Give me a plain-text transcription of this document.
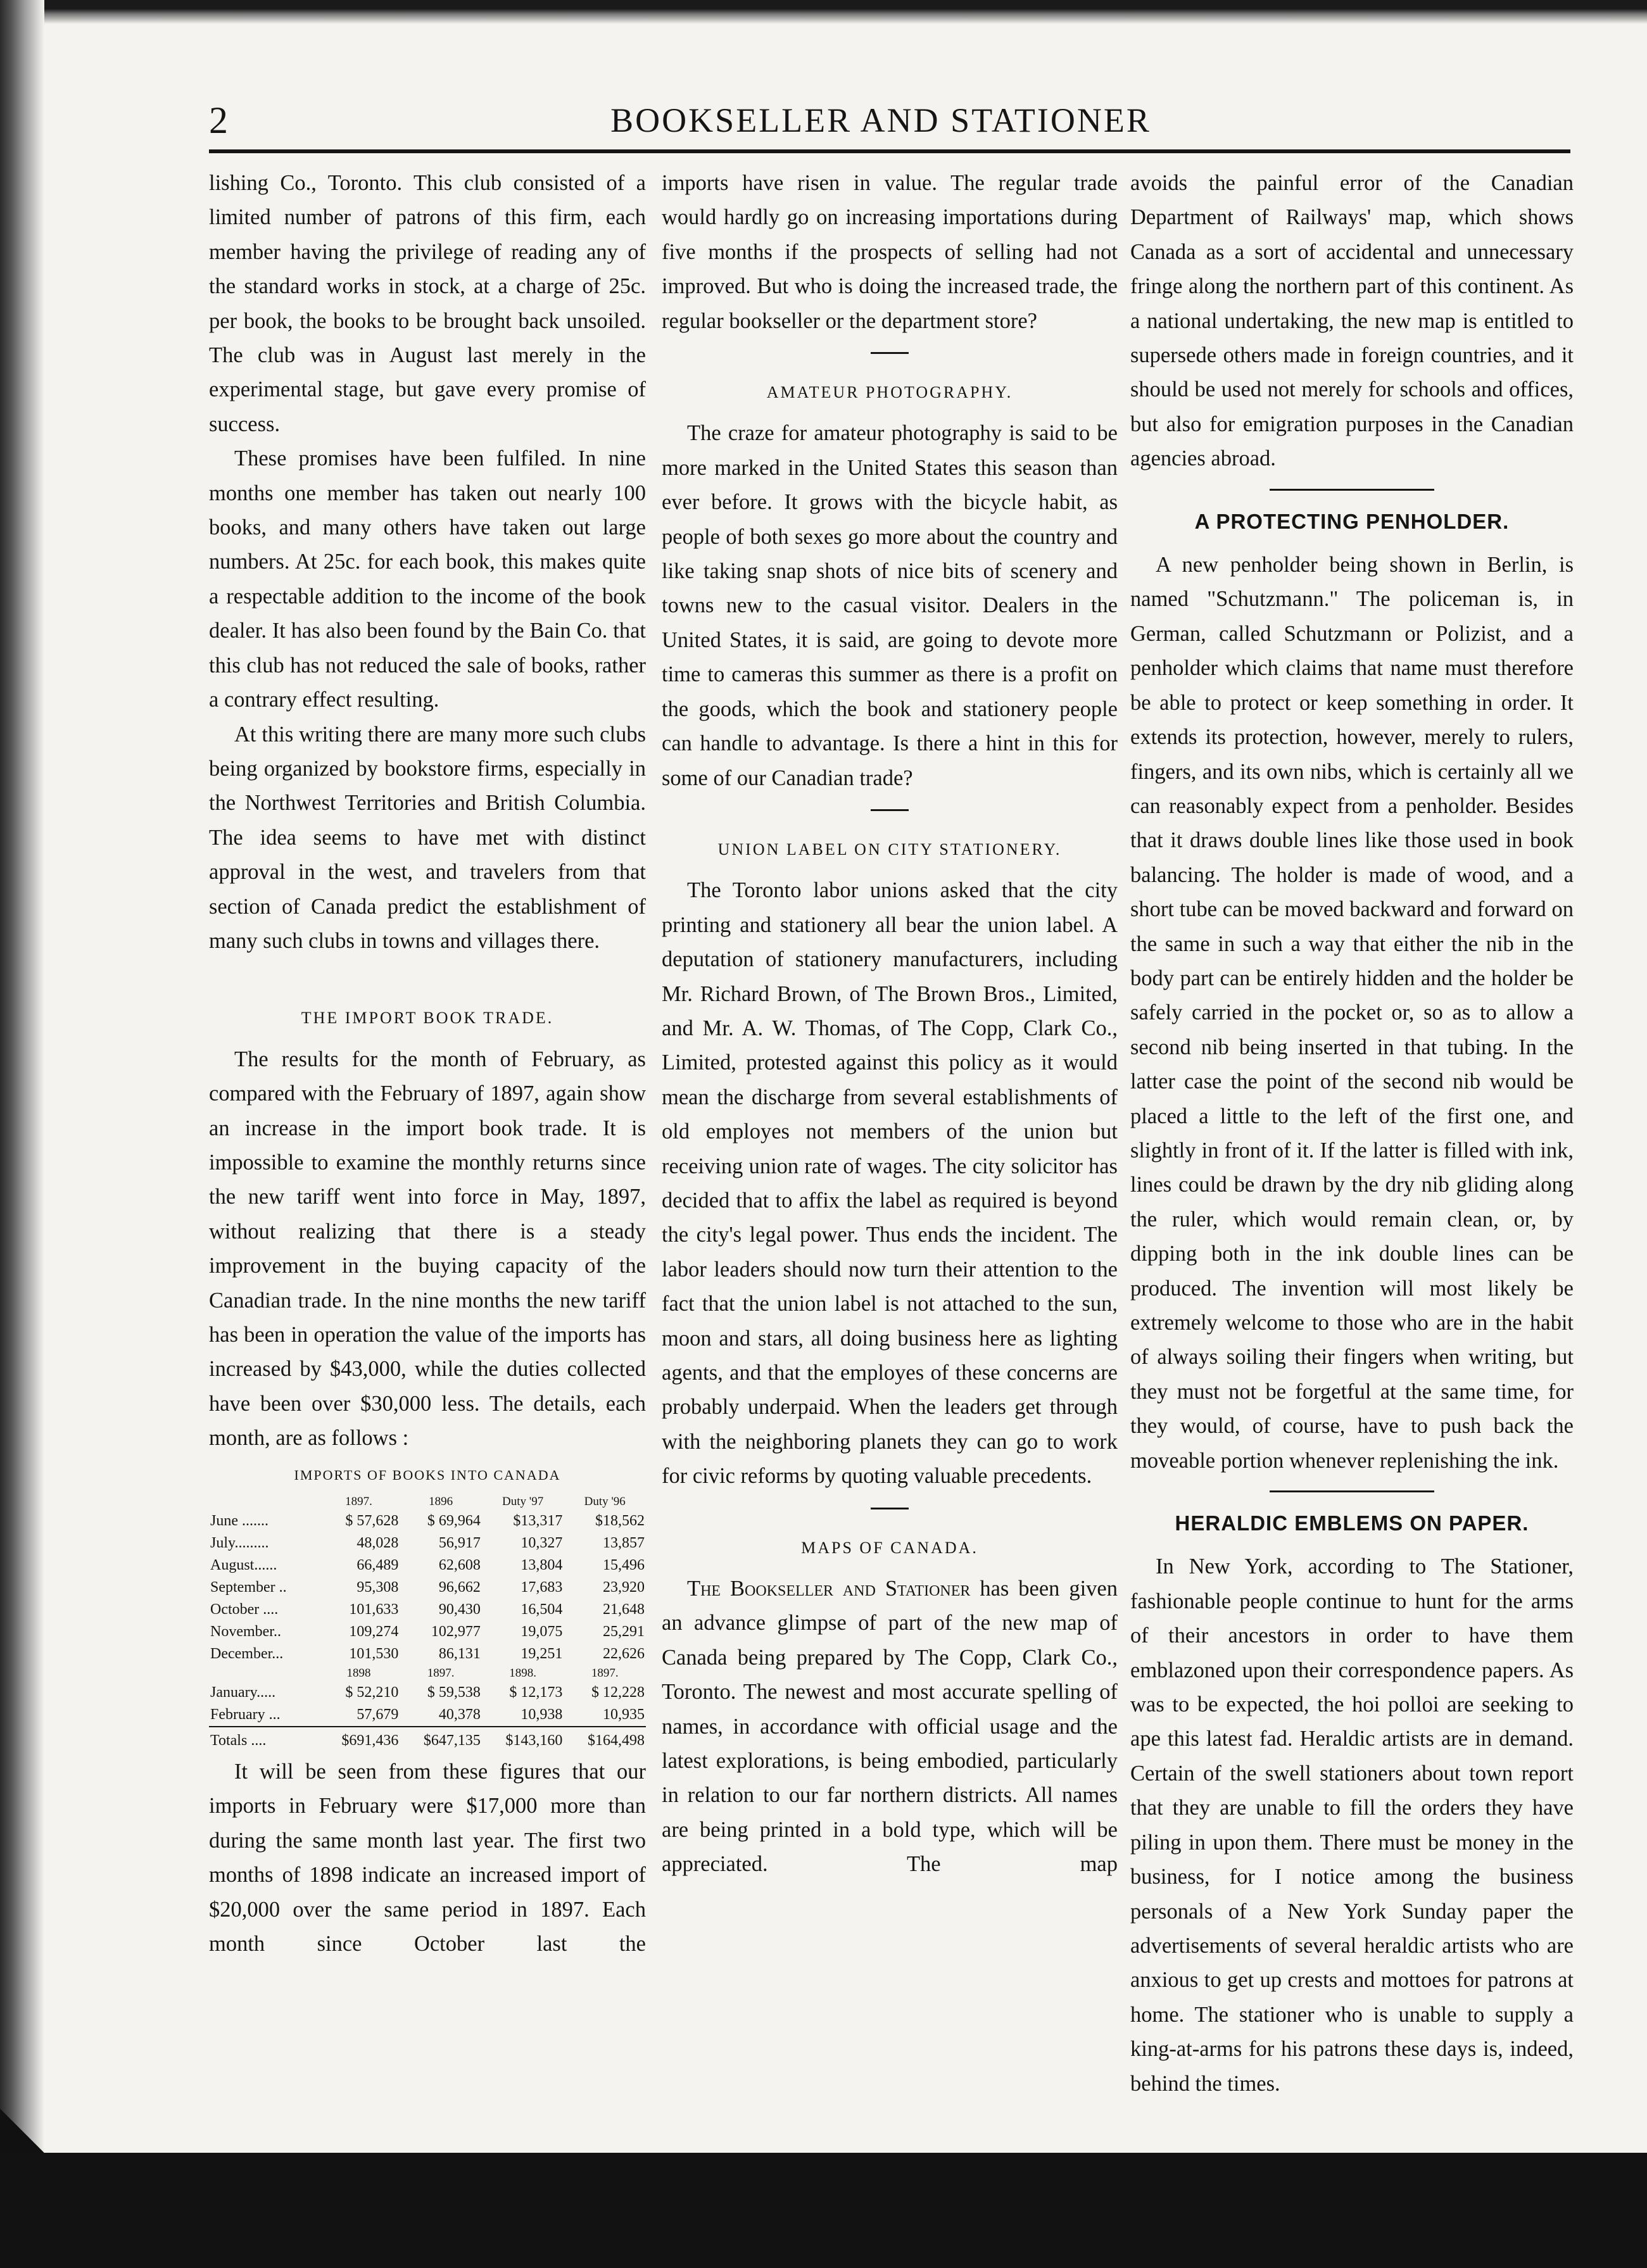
2	BOOKSELLER AND STATIONER

lishing Co., Toronto. This club consisted of a limited number of patrons of this firm, each member having the privilege of reading any of the standard works in stock, at a charge of 25c. per book, the books to be brought back unsoiled. The club was in August last merely in the experimental stage, but gave every promise of success.

These promises have been fulfiled. In nine months one member has taken out nearly 100 books, and many others have taken out large numbers. At 25c. for each book, this makes quite a respectable addition to the income of the book dealer. It has also been found by the Bain Co. that this club has not reduced the sale of books, rather a contrary effect resulting.

At this writing there are many more such clubs being organized by bookstore firms, especially in the Northwest Territories and British Columbia. The idea seems to have met with distinct approval in the west, and travelers from that section of Canada predict the establishment of many such clubs in towns and villages there.

THE IMPORT BOOK TRADE.

The results for the month of February, as compared with the February of 1897, again show an increase in the import book trade. It is impossible to examine the monthly returns since the new tariff went into force in May, 1897, without realizing that there is a steady improvement in the buying capacity of the Canadian trade. In the nine months the new tariff has been in operation the value of the imports has increased by $43,000, while the duties collected have been over $30,000 less. The details, each month, are as follows :

IMPORTS OF BOOKS INTO CANADA
	1897.	1896	Duty '97	Duty '96
June .......	$ 57,628	$ 69,964	$13,317	$18,562
July.........	48,028	56,917	10,327	13,857
August......	66,489	62,608	13,804	15,496
September ..	95,308	96,662	17,683	23,920
October ....	101,633	90,430	16,504	21,648
November..	109,274	102,977	19,075	25,291
December...	101,530	86,131	19,251	22,626
	1898	1897.	1898.	1897.
January.....	$ 52,210	$ 59,538	$ 12,173	$ 12,228
February ...	57,679	40,378	10,938	10,935
Totals ....	$691,436	$647,135	$143,160	$164,498

It will be seen from these figures that our imports in February were $17,000 more than during the same month last year. The first two months of 1898 indicate an increased import of $20,000 over the same period in 1897. Each month since October last the

imports have risen in value. The regular trade would hardly go on increasing importations during five months if the prospects of selling had not improved. But who is doing the increased trade, the regular bookseller or the department store?

AMATEUR PHOTOGRAPHY.

The craze for amateur photography is said to be more marked in the United States this season than ever before. It grows with the bicycle habit, as people of both sexes go more about the country and like taking snap shots of nice bits of scenery and towns new to the casual visitor. Dealers in the United States, it is said, are going to devote more time to cameras this summer as there is a profit on the goods, which the book and stationery people can handle to advantage. Is there a hint in this for some of our Canadian trade?

UNION LABEL ON CITY STATIONERY.

The Toronto labor unions asked that the city printing and stationery all bear the union label. A deputation of stationery manufacturers, including Mr. Richard Brown, of The Brown Bros., Limited, and Mr. A. W. Thomas, of The Copp, Clark Co., Limited, protested against this policy as it would mean the discharge from several establishments of old employes not members of the union but receiving union rate of wages. The city solicitor has decided that to affix the label as required is beyond the city's legal power. Thus ends the incident. The labor leaders should now turn their attention to the fact that the union label is not attached to the sun, moon and stars, all doing business here as lighting agents, and that the employes of these concerns are probably underpaid. When the leaders get through with the neighboring planets they can go to work for civic reforms by quoting valuable precedents.

MAPS OF CANADA.

The Bookseller and Stationer has been given an advance glimpse of part of the new map of Canada being prepared by The Copp, Clark Co., Toronto. The newest and most accurate spelling of names, in accordance with official usage and the latest explorations, is being embodied, particularly in relation to our far northern districts. All names are being printed in a bold type, which will be appreciated. The map

avoids the painful error of the Canadian Department of Railways' map, which shows Canada as a sort of accidental and unnecessary fringe along the northern part of this continent. As a national undertaking, the new map is entitled to supersede others made in foreign countries, and it should be used not merely for schools and offices, but also for emigration purposes in the Canadian agencies abroad.

A PROTECTING PENHOLDER.

A new penholder being shown in Berlin, is named "Schutzmann." The policeman is, in German, called Schutzmann or Polizist, and a penholder which claims that name must therefore be able to protect or keep something in order. It extends its protection, however, merely to rulers, fingers, and its own nibs, which is certainly all we can reasonably expect from a penholder. Besides that it draws double lines like those used in book balancing. The holder is made of wood, and a short tube can be moved backward and forward on the same in such a way that either the nib in the body part can be entirely hidden and the holder be safely carried in the pocket or, so as to allow a second nib being inserted in that tubing. In the latter case the point of the second nib would be placed a little to the left of the first one, and slightly in front of it. If the latter is filled with ink, lines could be drawn by the dry nib gliding along the ruler, which would remain clean, or, by dipping both in the ink double lines can be produced. The invention will most likely be extremely welcome to those who are in the habit of always soiling their fingers when writing, but they must not be forgetful at the same time, for they would, of course, have to push back the moveable portion whenever replenishing the ink.

HERALDIC EMBLEMS ON PAPER.

In New York, according to The Stationer, fashionable people continue to hunt for the arms of their ancestors in order to have them emblazoned upon their correspondence papers. As was to be expected, the hoi polloi are seeking to ape this latest fad. Heraldic artists are in demand. Certain of the swell stationers about town report that they are unable to fill the orders they have piling in upon them. There must be money in the business, for I notice among the business personals of a New York Sunday paper the advertisements of several heraldic artists who are anxious to get up crests and mottoes for patrons at home. The stationer who is unable to supply a king-at-arms for his patrons these days is, indeed, behind the times.
